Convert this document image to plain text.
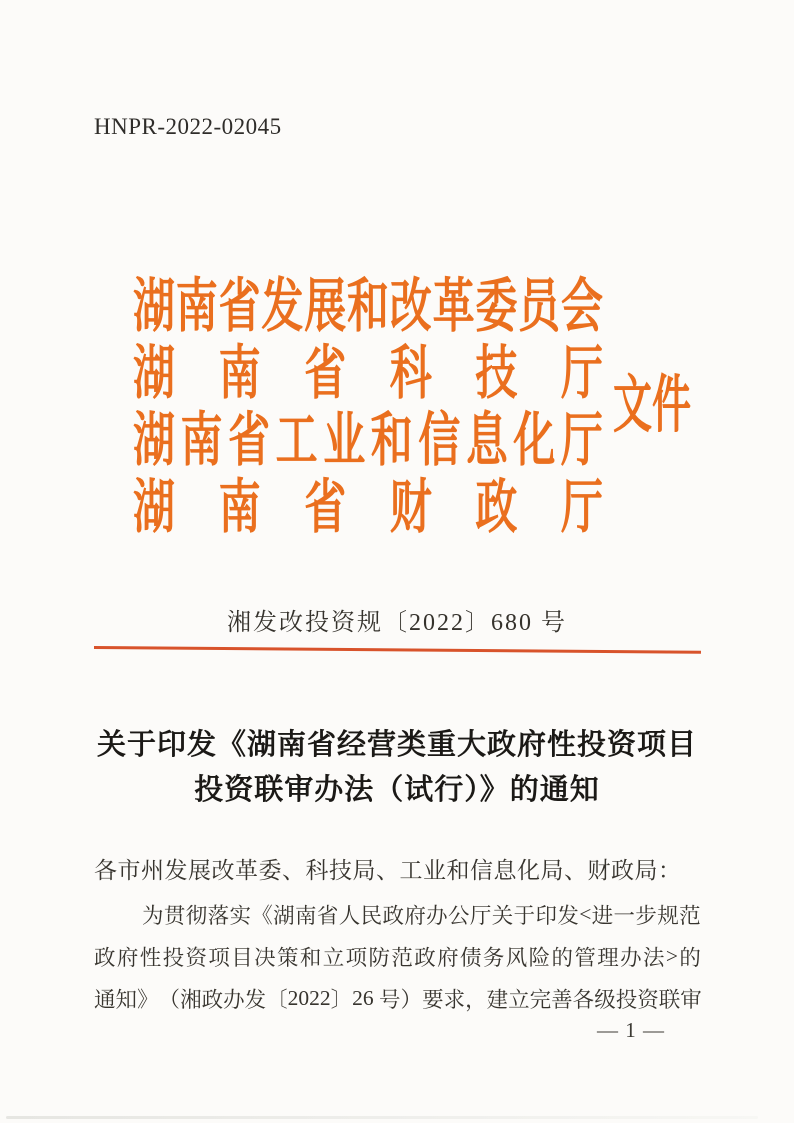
HNPR-2022-02045
湖 南 省 发 展 和 改 革 委 员 会
湖 南 省 科 技 厅
湖 南 省 工 业 和 信 息 化 厅
湖 南 省 财 政 厅
文 件
湘发改投资规〔2022〕680 号
关于印发《湖南省经营类重大政府性投资项目
投资联审办法（试行）》的通知
各市州发展改革委、科技局、工业和信息化局、财政局：
为 贯 彻 落 实 《 湖 南 省 人 民 政 府 办 公 厅 关 于 印 发 < 进 一 步 规 范
政 府 性 投 资 项 目 决 策 和 立 项 防 范 政 府 债 务 风 险 的 管 理 办 法 > 的
通 知 》 （ 湘 政 办 发 〔 2022 〕 26 号 ） 要 求 ， 建 立 完 善 各 级 投 资 联 审
— 1 —
